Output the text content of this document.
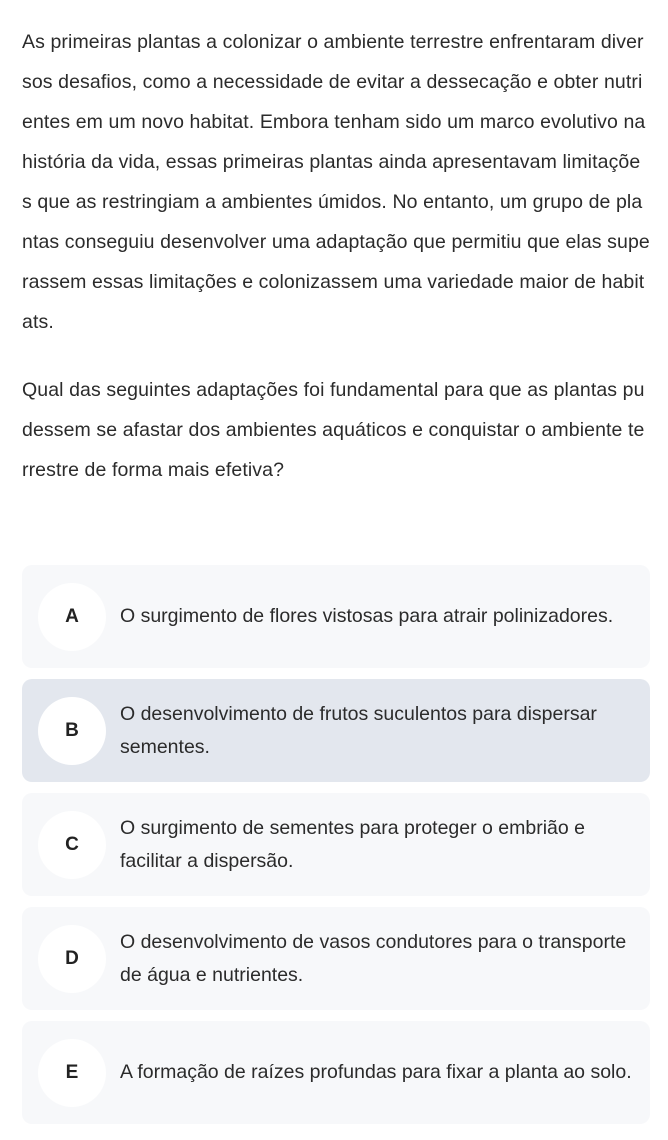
As primeiras plantas a colonizar o ambiente terrestre enfrentaram diversos desafios, como a necessidade de evitar a dessecação e obter nutrientes em um novo habitat. Embora tenham sido um marco evolutivo na história da vida, essas primeiras plantas ainda apresentavam limitações que as restringiam a ambientes úmidos. No entanto, um grupo de plantas conseguiu desenvolver uma adaptação que permitiu que elas superassem essas limitações e colonizassem uma variedade maior de habitats.

Qual das seguintes adaptações foi fundamental para que as plantas pudessem se afastar dos ambientes aquáticos e conquistar o ambiente terrestre de forma mais efetiva?

A	O surgimento de flores vistosas para atrair polinizadores.
B
O desenvolvimento de frutos suculentos para dispersar sementes.
C
O surgimento de sementes para proteger o embrião e facilitar a dispersão.
D
O desenvolvimento de vasos condutores para o transporte de água e nutrientes.
E	A formação de raízes profundas para fixar a planta ao solo.
